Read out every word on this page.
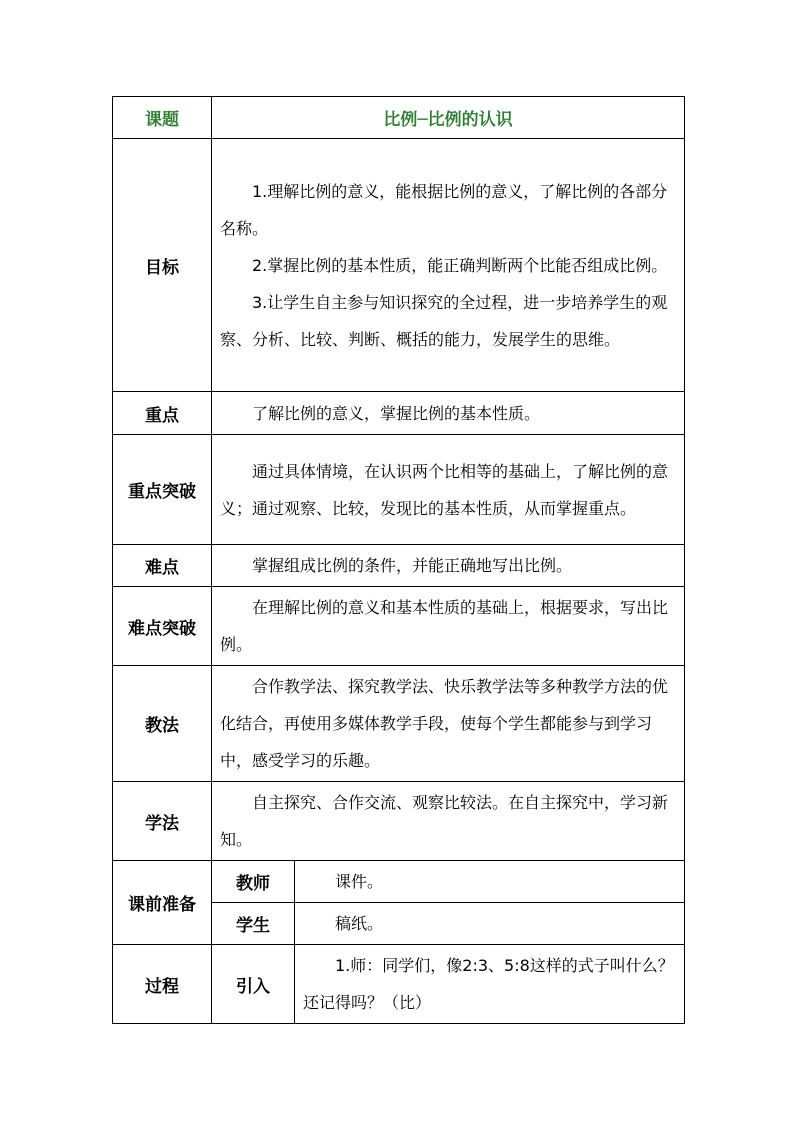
课题	比例─比例的认识	
目标	1.理解比例的意义，能根据比例的意义，了解比例的各部分名称。

2.掌握比例的基本性质，能正确判断两个比能否组成比例。

3.让学生自主参与知识探究的全过程，进一步培养学生的观察、分析、比较、判断、概括的能力，发展学生的思维。	

重点	了解比例的意义，掌握比例的基本性质。	

重点突破	通过具体情境，在认识两个比相等的基础上，了解比例的意义；通过观察、比较，发现比的基本性质，从而掌握重点。	

难点	掌握组成比例的条件，并能正确地写出比例。	

难点突破	在理解比例的意义和基本性质的基础上，根据要求，写出比例。	

教法	合作教学法、探究教学法、快乐教学法等多种教学方法的优化结合，再使用多媒体教学手段，使每个学生都能参与到学习中，感受学习的乐趣。	

学法	自主探究、合作交流、观察比较法。在自主探究中，学习新知。	

课前准备	教师	课件。

	学生	稿纸。

过程	引入	1.师：同学们，像2:3、5:8这样的式子叫什么？还记得吗？（比）
